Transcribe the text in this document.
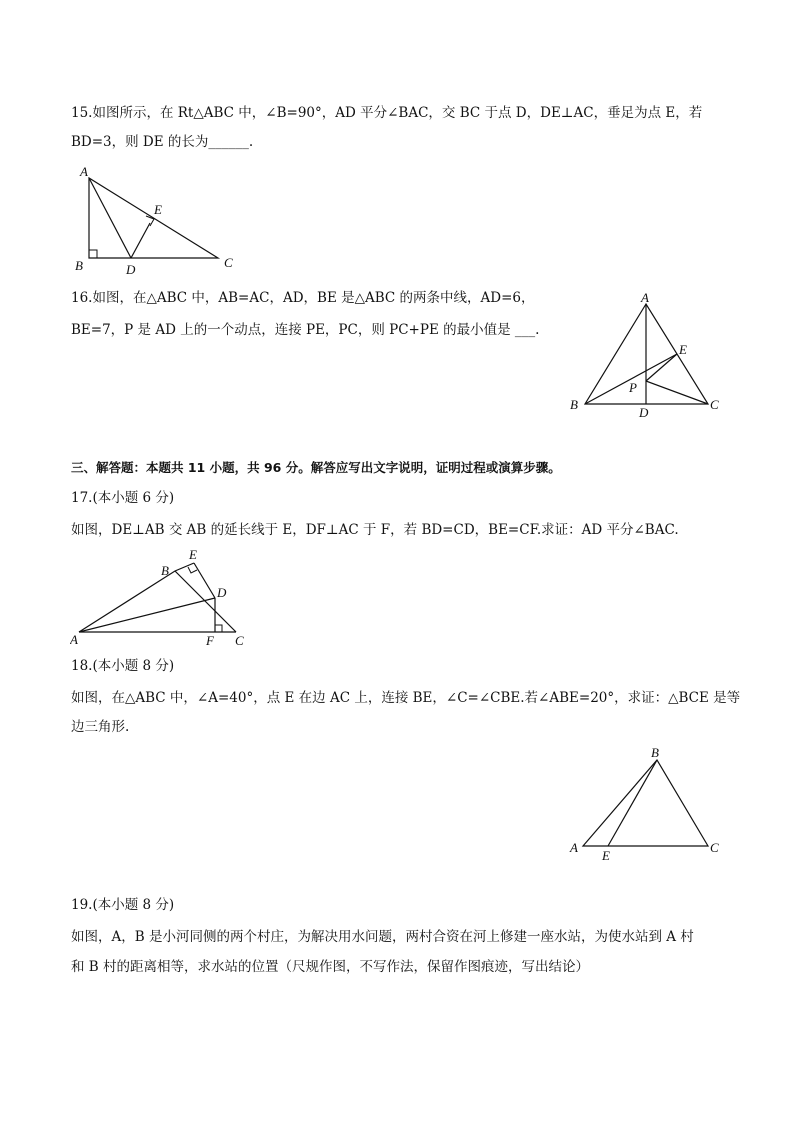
15.如图所示，在 Rt△ABC 中，∠B=90°，AD 平分∠BAC，交 BC 于点 D，DE⊥AC，垂足为点 E，若
BD=3，则 DE 的长为______.
A
B	C
D
E
16.如图，在△ABC 中，AB=AC，AD，BE 是△ABC 的两条中线，AD=6，
BE=7，P 是 AD 上的一个动点，连接 PE，PC，则 PC+PE 的最小值是 ___.
A
B	C
D
E
P
三、解答题：本题共 11 小题，共 96 分。解答应写出文字说明，证明过程或演算步骤。
17.(本小题 6 分)
如图，DE⊥AB 交 AB 的延长线于 E，DF⊥AC 于 F，若 BD=CD，BE=CF.求证：AD 平分∠BAC.
A
B
C
D
E
F
18.(本小题 8 分)
如图，在△ABC 中，∠A=40°，点 E 在边 AC 上，连接 BE，∠C=∠CBE.若∠ABE=20°，求证：△BCE 是等
边三角形.
B
A	C
E
19.(本小题 8 分)
如图，A，B 是小河同侧的两个村庄，为解决用水问题，两村合资在河上修建一座水站，为使水站到 A 村
和 B 村的距离相等，求水站的位置（尺规作图，不写作法，保留作图痕迹，写出结论）
